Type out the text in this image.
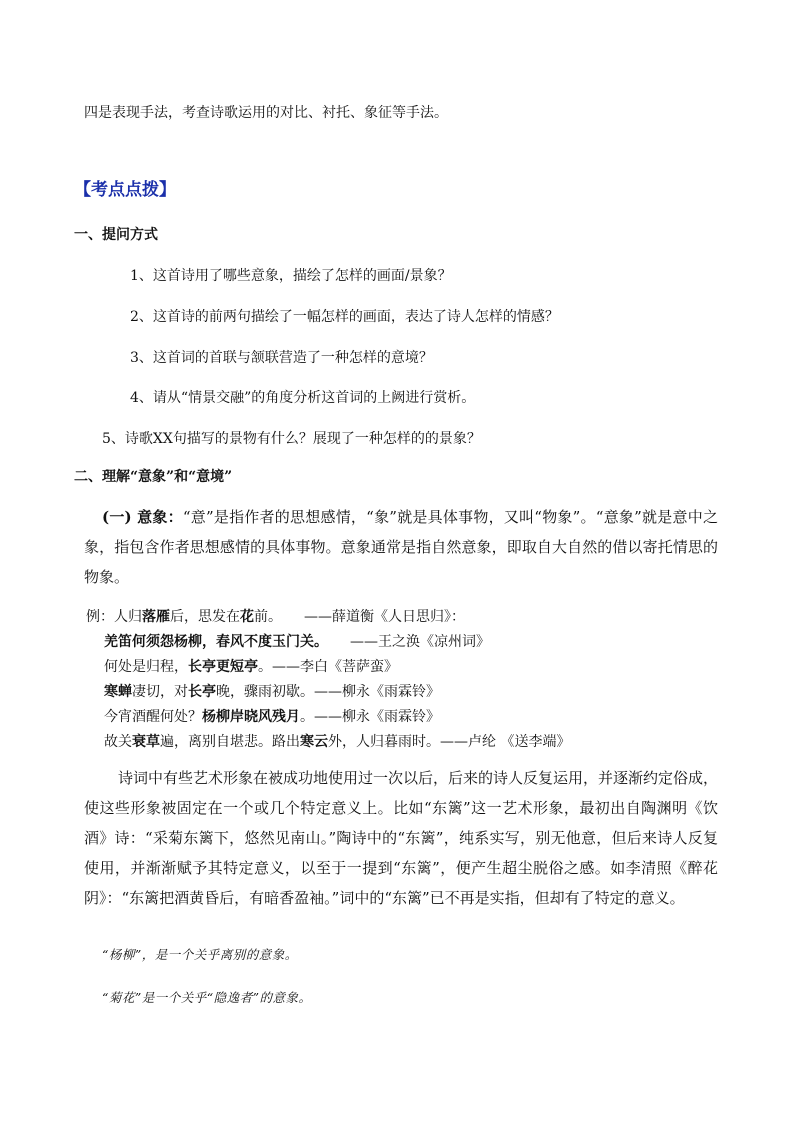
四是表现手法，考查诗歌运用的对比、衬托、象征等手法。
【考点点拨】
一、提问方式
1、这首诗用了哪些意象，描绘了怎样的画面/景象？
2、这首诗的前两句描绘了一幅怎样的画面，表达了诗人怎样的情感？
3、这首词的首联与颔联营造了一种怎样的意境？
4、请从“情景交融”的角度分析这首词的上阙进行赏析。
5、诗歌XX句描写的景物有什么？展现了一种怎样的的景象？
二、理解“意象”和“意境”
(一) 意象：“意”是指作者的思想感情，“象”就是具体事物，又叫“物象”。“意象”就是意中之象，指包含作者思想感情的具体事物。意象通常是指自然意象，即取自大自然的借以寄托情思的物象。
例：人归落雁后，思发在花前。 ——薛道衡《人日思归》：
羌笛何须怨杨柳，春风不度玉门关。 ——王之涣《凉州词》
何处是归程，长亭更短亭。——李白《菩萨蛮》
寒蝉凄切，对长亭晚，骤雨初歇。——柳永《雨霖铃》
今宵酒醒何处？杨柳岸晓风残月。——柳永《雨霖铃》
故关衰草遍，离别自堪悲。路出寒云外，人归暮雨时。——卢纶 《送李端》
诗词中有些艺术形象在被成功地使用过一次以后，后来的诗人反复运用，并逐渐约定俗成，使这些形象被固定在一个或几个特定意义上。比如“东篱”这一艺术形象，最初出自陶渊明《饮酒》诗：“采菊东篱下，悠然见南山。”陶诗中的“东篱”，纯系实写，别无他意，但后来诗人反复使用，并渐渐赋予其特定意义，以至于一提到“东篱”，便产生超尘脱俗之感。如李清照《醉花阴》：“东篱把酒黄昏后，有暗香盈袖。”词中的“东篱”已不再是实指，但却有了特定的意义。
“杨柳”，是一个关乎离别的意象。
“菊花”是一个关乎“隐逸者”的意象。
